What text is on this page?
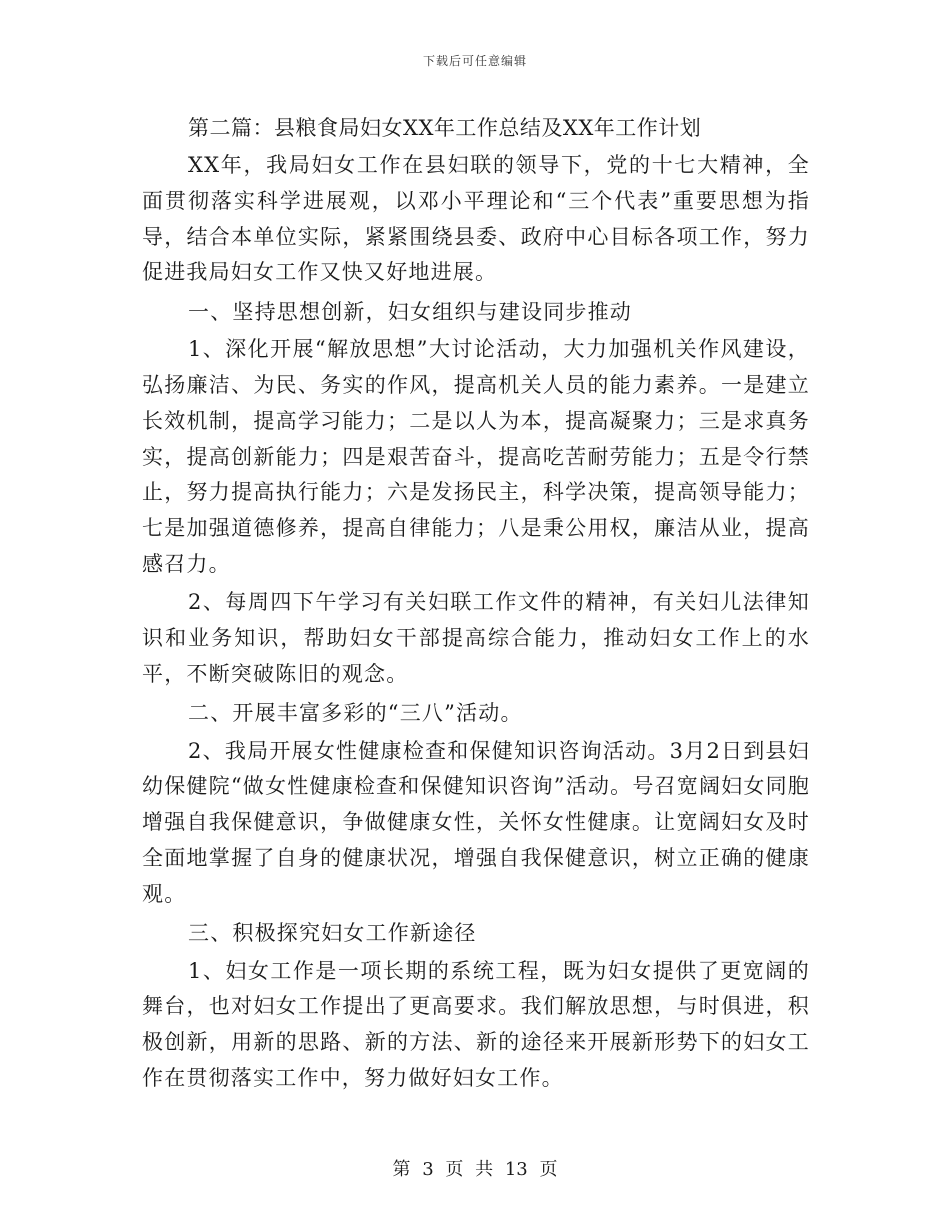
下载后可任意编辑
第二篇：县粮食局妇女XX年工作总结及XX年工作计划

XX年，我局妇女工作在县妇联的领导下，党的十七大精神，全面贯彻落实科学进展观，以邓小平理论和“三个代表”重要思想为指导，结合本单位实际，紧紧围绕县委、政府中心目标各项工作，努力促进我局妇女工作又快又好地进展。

一、坚持思想创新，妇女组织与建设同步推动

1、深化开展“解放思想”大讨论活动，大力加强机关作风建设，弘扬廉洁、为民、务实的作风，提高机关人员的能力素养。一是建立长效机制，提高学习能力；二是以人为本，提高凝聚力；三是求真务实，提高创新能力；四是艰苦奋斗，提高吃苦耐劳能力；五是令行禁止，努力提高执行能力；六是发扬民主，科学决策，提高领导能力；七是加强道德修养，提高自律能力；八是秉公用权，廉洁从业，提高感召力。

2、每周四下午学习有关妇联工作文件的精神，有关妇儿法律知识和业务知识，帮助妇女干部提高综合能力，推动妇女工作上的水平，不断突破陈旧的观念。

二、开展丰富多彩的“三八”活动。

2、我局开展女性健康检查和保健知识咨询活动。3月2日到县妇幼保健院“做女性健康检查和保健知识咨询”活动。号召宽阔妇女同胞增强自我保健意识，争做健康女性，关怀女性健康。让宽阔妇女及时全面地掌握了自身的健康状况，增强自我保健意识，树立正确的健康观。

三、积极探究妇女工作新途径

1、妇女工作是一项长期的系统工程，既为妇女提供了更宽阔的舞台，也对妇女工作提出了更高要求。我们解放思想，与时俱进，积极创新，用新的思路、新的方法、新的途径来开展新形势下的妇女工作在贯彻落实工作中，努力做好妇女工作。

第 3 页 共 13 页
